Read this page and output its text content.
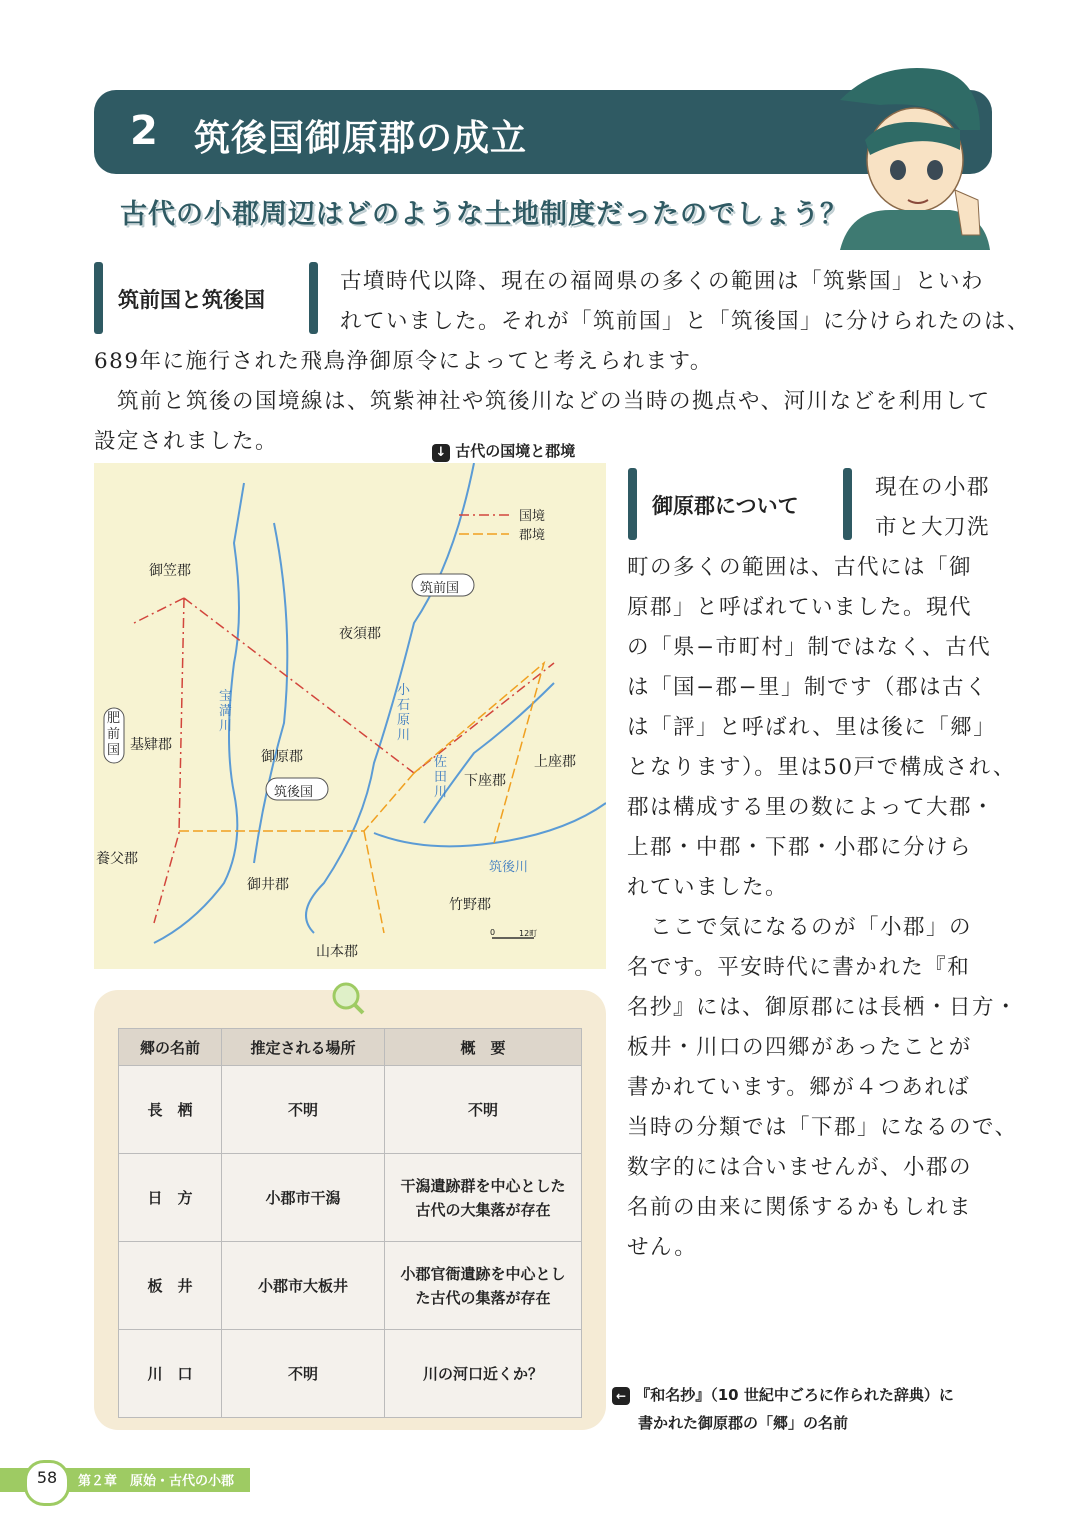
2 筑後国御原郡の成立
古代の小郡周辺はどのような土地制度だったのでしょう？
筑前国と筑後国
古墳時代以降、現在の福岡県の多くの範囲は「筑紫国」といわ
れていました。それが「筑前国」と「筑後国」に分けられたのは、
689年に施行された飛鳥浄御原令によってと考えられます。
　筑前と筑後の国境線は、筑紫神社や筑後川などの当時の拠点や、河川などを利用して
設定されました。	↓ 古代の国境と郡境
国境
郡境
御笠郡
筑前国
夜須郡
肥前国 基肄郡
御原郡
筑後国
下座郡
上座郡
養父郡
御井郡
竹野郡
山本郡
宝満川
小石原川
佐田川
筑後川
0	12町
御原郡について
現在の小郡
市と大刀洗
町の多くの範囲は、古代には「御
原郡」と呼ばれていました。現代
の「県−市町村」制ではなく、古代
は「国−郡−里」制です（郡は古く
は「評」と呼ばれ、里は後に「郷」
となります）。里は50戸で構成され、
郡は構成する里の数によって大郡・
上郡・中郡・下郡・小郡に分けら
れていました。
　ここで気になるのが「小郡」の
名です。平安時代に書かれた『和
名抄』には、御原郡には長栖・日方・
板井・川口の四郷があったことが
書かれています。郷が４つあれば
当時の分類では「下郡」になるので、
数字的には合いませんが、小郡の
名前の由来に関係するかもしれま
せん。
郷の名前	推定される場所	概　要
長　栖	不明	不明
日　方	小郡市干潟	干潟遺跡群を中心とした古代の大集落が存在
板　井	小郡市大板井	小郡官衙遺跡を中心とした古代の集落が存在
川　口	不明	川の河口近くか？
← 『和名抄』（10 世紀中ごろに作られた辞典）に
書かれた御原郡の「郷」の名前
58	第２章　原始・古代の小郡
